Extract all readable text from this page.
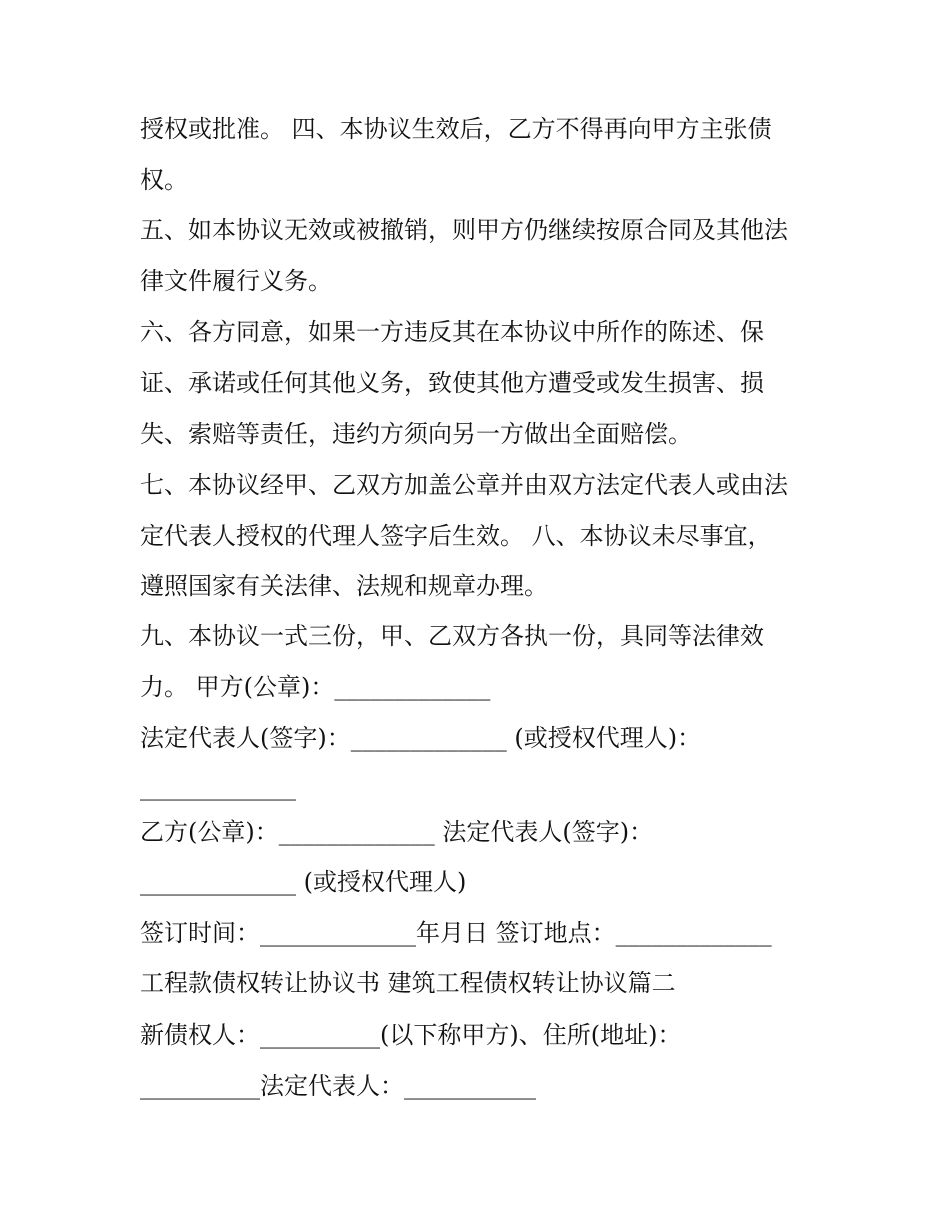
授权或批准。 四、本协议生效后，乙方不得再向甲方主张债

权。

五、如本协议无效或被撤销，则甲方仍继续按原合同及其他法

律文件履行义务。

六、各方同意，如果一方违反其在本协议中所作的陈述、保

证、承诺或任何其他义务，致使其他方遭受或发生损害、损

失、索赔等责任，违约方须向另一方做出全面赔偿。

七、本协议经甲、乙双方加盖公章并由双方法定代表人或由法

定代表人授权的代理人签字后生效。 八、本协议未尽事宜，

遵照国家有关法律、法规和规章办理。

九、本协议一式三份，甲、乙双方各执一份，具同等法律效

力。 甲方(公章)：_____________

法定代表人(签字)：_____________ (或授权代理人)：

_____________

乙方(公章)：_____________ 法定代表人(签字)：

_____________ (或授权代理人)

签订时间：_____________年月日 签订地点：_____________

工程款债权转让协议书 建筑工程债权转让协议篇二

新债权人：__________(以下称甲方)、住所(地址)：

__________法定代表人：___________
